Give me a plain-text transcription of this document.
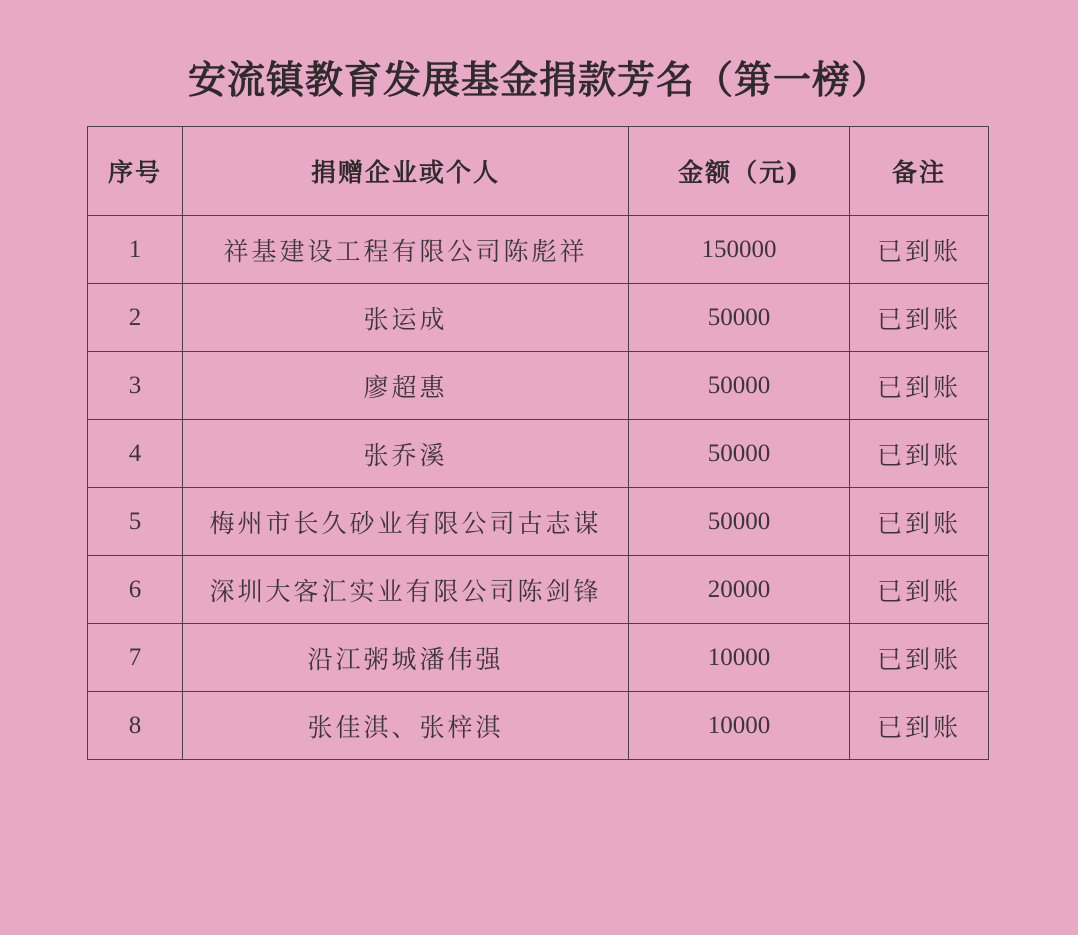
安流镇教育发展基金捐款芳名（第一榜）
序号	捐赠企业或个人	金额（元)	备注
1	祥基建设工程有限公司陈彪祥	150000	已到账
2	张运成	50000	已到账
3	廖超惠	50000	已到账
4	张乔溪	50000	已到账
5	梅州市长久砂业有限公司古志谋	50000	已到账
6	深圳大客汇实业有限公司陈剑锋	20000	已到账
7	沿江粥城潘伟强	10000	已到账
8	张佳淇、张梓淇	10000	已到账
